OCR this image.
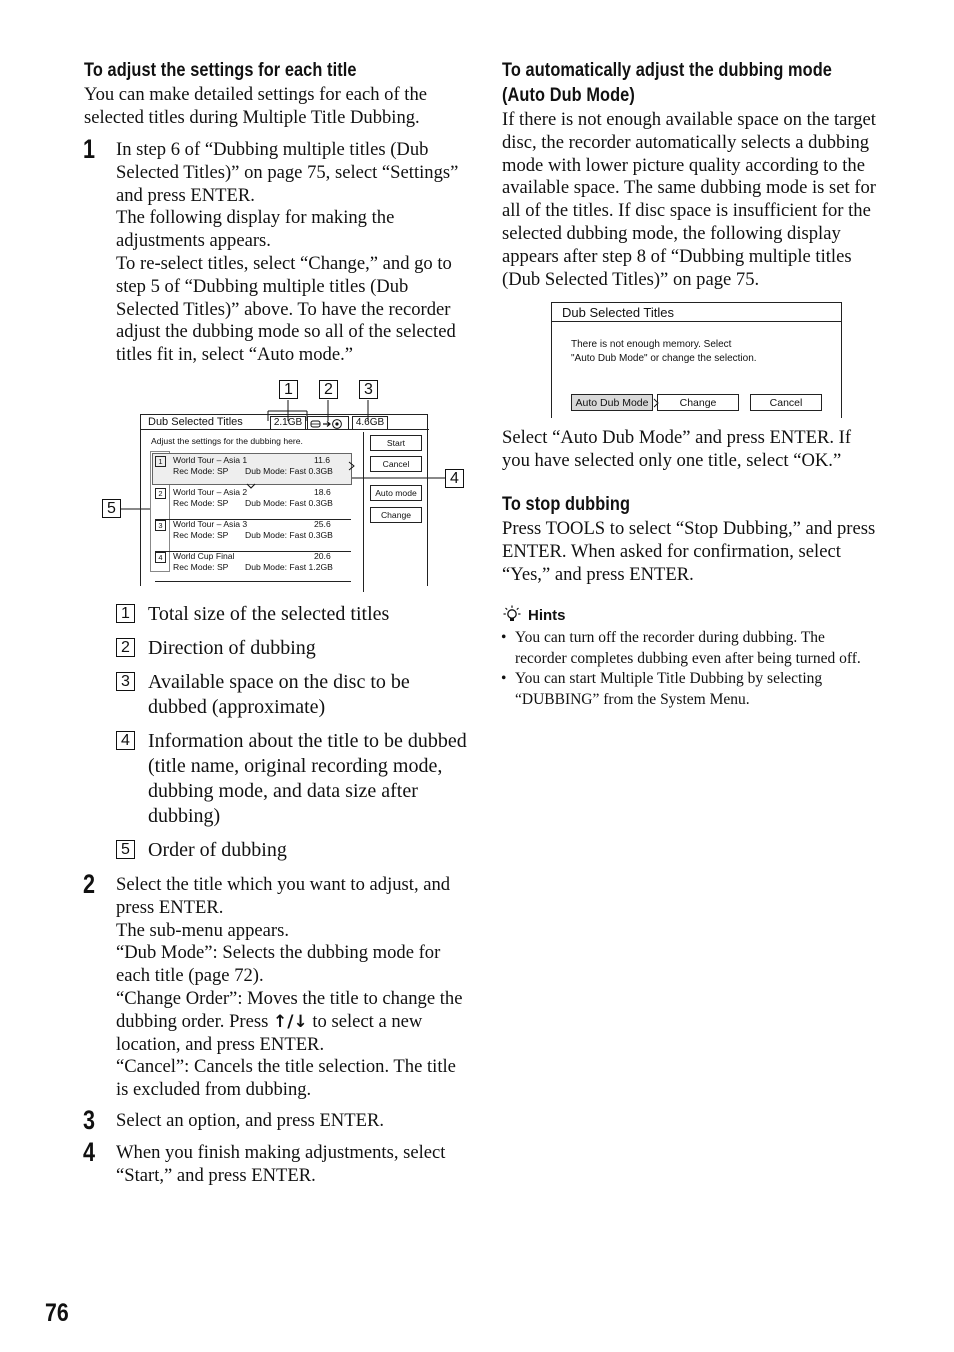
To adjust the settings for each title
You can make detailed settings for each of the selected titles during Multiple Title Dubbing.
1 In step 6 of “Dubbing multiple titles (Dub
Selected Titles)” on page 75, select “Settings”
and press ENTER.
The following display for making the
adjustments appears.
To re-select titles, select “Change,” and go to
step 5 of “Dubbing multiple titles (Dub
Selected Titles)” above. To have the recorder
adjust the dubbing mode so all of the selected
titles fit in, select “Auto mode.”
1	2	3
4
5
Dub Selected Titles	2.1GB	4.6GB
Adjust the settings for the dubbing here.	Start
Cancel
Auto mode
Change
1	World Tour – Asia 1	11.6
Rec Mode: SP Dub Mode: Fast 0.3GB
2	World Tour – Asia 2	18.6
Rec Mode: SP Dub Mode: Fast 0.3GB
3	World Tour – Asia 3	25.6
Rec Mode: SP Dub Mode: Fast 0.3GB
4	World Cup Final	20.6
Rec Mode: SP Dub Mode: Fast 1.2GB
1 Total size of the selected titles
2 Direction of dubbing
3 Available space on the disc to be
dubbed (approximate)
4 Information about the title to be dubbed
(title name, original recording mode,
dubbing mode, and data size after
dubbing)
5 Order of dubbing
2 Select the title which you want to adjust, and
press ENTER.
The sub-menu appears.
“Dub Mode”: Selects the dubbing mode for
each title (page 72).
“Change Order”: Moves the title to change the
dubbing order. Press ↑/↓ to select a new
location, and press ENTER.
“Cancel”: Cancels the title selection. The title
is excluded from dubbing.
3 Select an option, and press ENTER.
4 When you finish making adjustments, select
“Start,” and press ENTER.
To automatically adjust the dubbing mode
(Auto Dub Mode)
If there is not enough available space on the target
disc, the recorder automatically selects a dubbing
mode with lower picture quality according to the
available space. The same dubbing mode is set for
all of the titles. If disc space is insufficient for the
selected dubbing mode, the following display
appears after step 8 of “Dubbing multiple titles
(Dub Selected Titles)” on page 75.
Dub Selected Titles
There is not enough memory. Select
"Auto Dub Mode" or change the selection.
Auto Dub Mode	Change	Cancel
Select “Auto Dub Mode” and press ENTER. If
you have selected only one title, select “OK.”
To stop dubbing
Press TOOLS to select “Stop Dubbing,” and press
ENTER. When asked for confirmation, select
“Yes,” and press ENTER.
Hints
• You can turn off the recorder during dubbing. The
recorder completes dubbing even after being turned off.
• You can start Multiple Title Dubbing by selecting
“DUBBING” from the System Menu.
76
